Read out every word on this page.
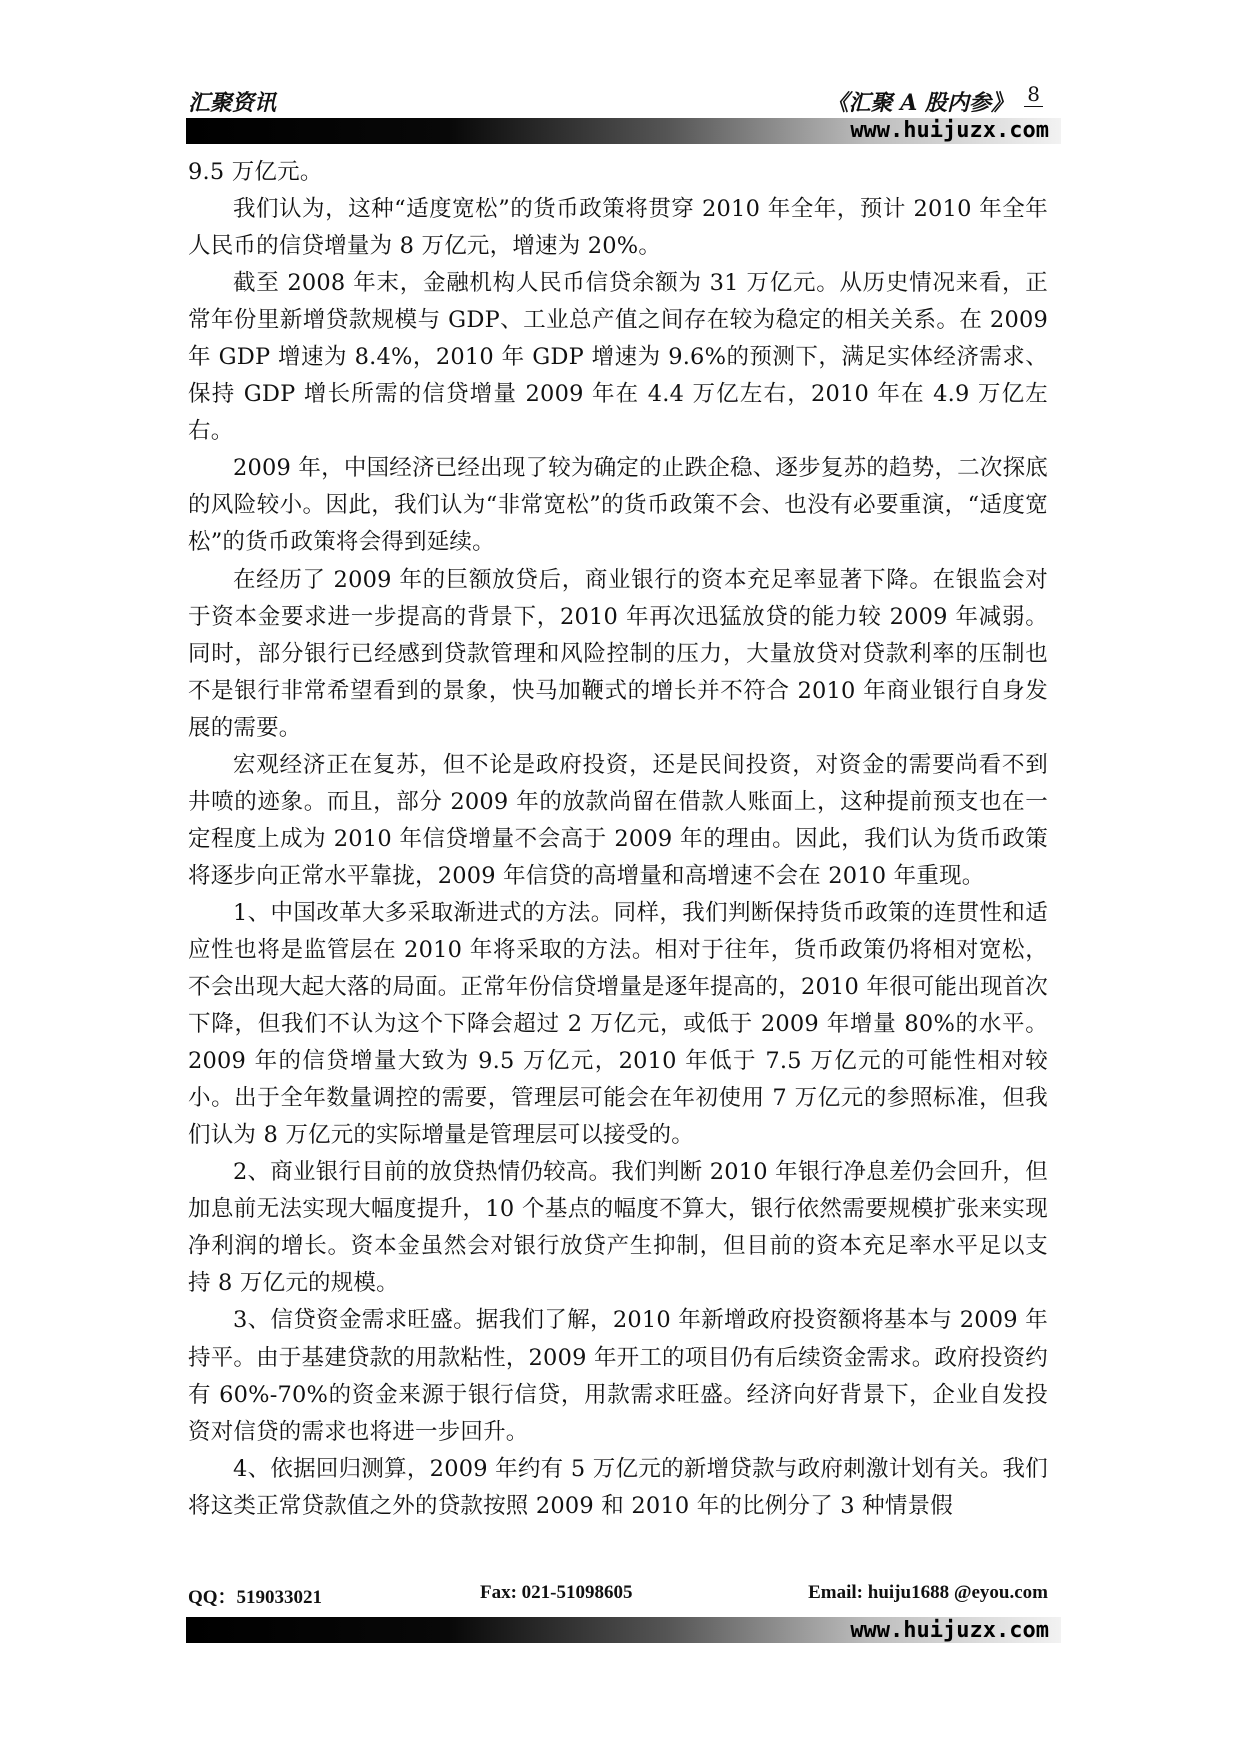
汇聚资讯	《汇聚 A 股内参》 8
www.huijuzx.com

9.5 万亿元。

我们认为，这种“适度宽松”的货币政策将贯穿 2010 年全年，预计 2010 年全年人民币的信贷增量为 8 万亿元，增速为 20%。

截至 2008 年末，金融机构人民币信贷余额为 31 万亿元。从历史情况来看，正常年份里新增贷款规模与 GDP、工业总产值之间存在较为稳定的相关关系。在 2009 年 GDP 增速为 8.4%，2010 年 GDP 增速为 9.6%的预测下，满足实体经济需求、保持 GDP 增长所需的信贷增量 2009 年在 4.4 万亿左右，2010 年在 4.9 万亿左右。

2009 年，中国经济已经出现了较为确定的止跌企稳、逐步复苏的趋势，二次探底的风险较小。因此，我们认为“非常宽松”的货币政策不会、也没有必要重演，“适度宽松”的货币政策将会得到延续。

在经历了 2009 年的巨额放贷后，商业银行的资本充足率显著下降。在银监会对于资本金要求进一步提高的背景下，2010 年再次迅猛放贷的能力较 2009 年减弱。同时，部分银行已经感到贷款管理和风险控制的压力，大量放贷对贷款利率的压制也不是银行非常希望看到的景象，快马加鞭式的增长并不符合 2010 年商业银行自身发展的需要。

宏观经济正在复苏，但不论是政府投资，还是民间投资，对资金的需要尚看不到井喷的迹象。而且，部分 2009 年的放款尚留在借款人账面上，这种提前预支也在一定程度上成为 2010 年信贷增量不会高于 2009 年的理由。因此，我们认为货币政策将逐步向正常水平靠拢，2009 年信贷的高增量和高增速不会在 2010 年重现。

1、中国改革大多采取渐进式的方法。同样，我们判断保持货币政策的连贯性和适应性也将是监管层在 2010 年将采取的方法。相对于往年，货币政策仍将相对宽松，不会出现大起大落的局面。正常年份信贷增量是逐年提高的，2010 年很可能出现首次下降，但我们不认为这个下降会超过 2 万亿元，或低于 2009 年增量 80%的水平。2009 年的信贷增量大致为 9.5 万亿元，2010 年低于 7.5 万亿元的可能性相对较小。出于全年数量调控的需要，管理层可能会在年初使用 7 万亿元的参照标准，但我们认为 8 万亿元的实际增量是管理层可以接受的。

2、商业银行目前的放贷热情仍较高。我们判断 2010 年银行净息差仍会回升，但加息前无法实现大幅度提升，10 个基点的幅度不算大，银行依然需要规模扩张来实现净利润的增长。资本金虽然会对银行放贷产生抑制，但目前的资本充足率水平足以支持 8 万亿元的规模。

3、信贷资金需求旺盛。据我们了解，2010 年新增政府投资额将基本与 2009 年持平。由于基建贷款的用款粘性，2009 年开工的项目仍有后续资金需求。政府投资约有 60%-70%的资金来源于银行信贷，用款需求旺盛。经济向好背景下，企业自发投资对信贷的需求也将进一步回升。

4、依据回归测算，2009 年约有 5 万亿元的新增贷款与政府刺激计划有关。我们将这类正常贷款值之外的贷款按照 2009 和 2010 年的比例分了 3 种情景假

QQ：519033021	Fax: 021-51098605	Email: huiju1688 @eyou.com
www.huijuzx.com
